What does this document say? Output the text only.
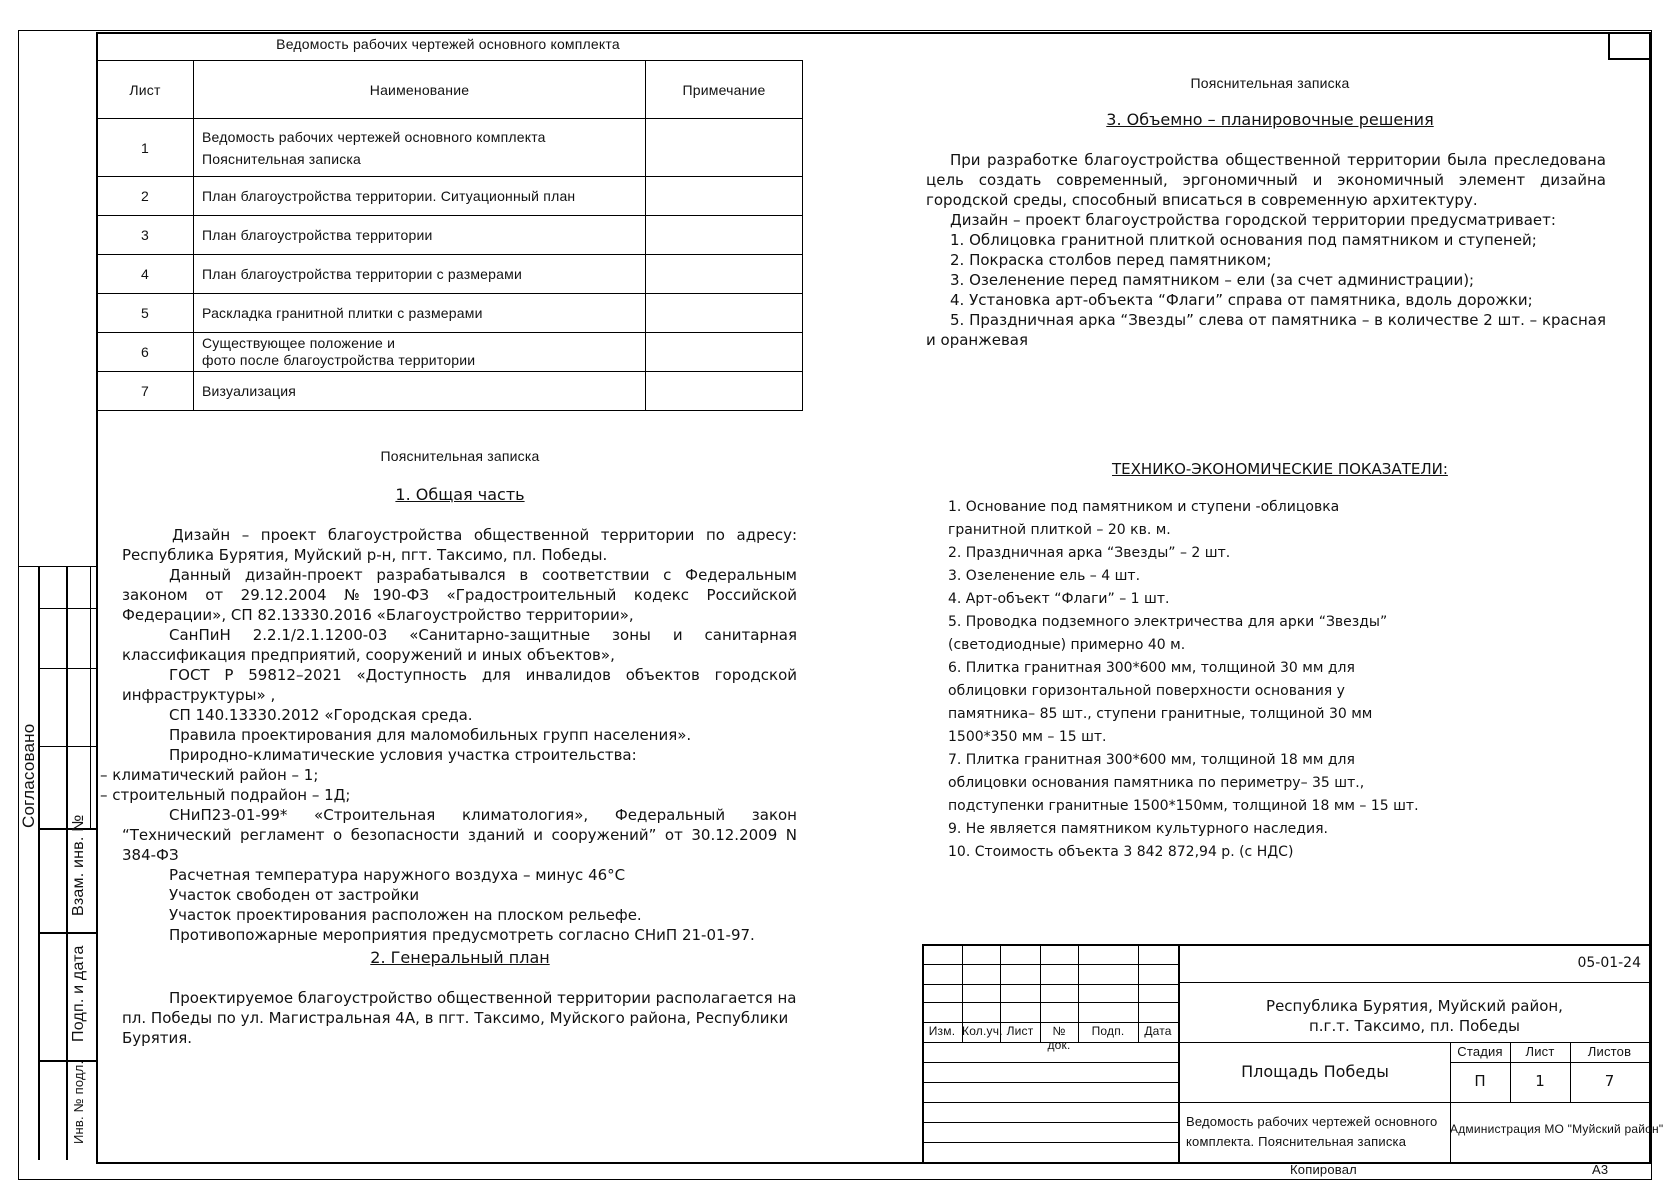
Согласовано
Взам. инв. №
Подп. и дата
Инв. № подл.
Ведомость рабочих чертежей основного комплекта
Лист	Наименование	Примечание
1	Ведомость рабочих чертежей основного комплекта
Пояснительная записка	

2	План благоустройства территории. Ситуационный план	
3	План благоустройства территории	
4	План благоустройства территории с размерами	
5	Раскладка гранитной плитки с размерами	
6	Существующее положение и
фото после благоустройства территории	

7	Визуализация	
Пояснительная записка
1. Общая часть

Дизайн – проект благоустройства общественной территории по адресу: Республика Бурятия, Муйский р-н, пгт. Таксимо, пл. Победы.

Данный дизайн-проект разрабатывался в соответствии с Федеральным законом от 29.12.2004 №190-ФЗ «Градостроительный кодекс Российской Федерации», СП 82.13330.2016 «Благоустройство территории»,

СанПиН 2.2.1/2.1.1200-03 «Санитарно-защитные зоны и санитарная классификация предприятий, сооружений и иных объектов»,

ГОСТ Р 59812–2021 «Доступность для инвалидов объектов городской инфраструктуры» ,

СП 140.13330.2012 «Городская среда.

Правила проектирования для маломобильных групп населения».

Природно-климатические условия участка строительства:

– климатический район – 1;

– строительный подрайон – 1Д;

СНиП23-01-99* «Строительная климатология», Федеральный закон “Технический регламент о безопасности зданий и сооружений” от 30.12.2009 N 384-ФЗ

Расчетная температура наружного воздуха – минус 46°С

Участок свободен от застройки

Участок проектирования расположен на плоском рельефе.

Противопожарные мероприятия предусмотреть согласно СНиП 21-01-97.

2. Генеральный план

Проектируемое благоустройство общественной территории располагается на пл. Победы по ул. Магистральная 4А, в пгт. Таксимо, Муйского района, Республики Бурятия.

Пояснительная записка
3. Объемно – планировочные решения

При разработке благоустройства общественной территории была преследована цель создать современный, эргономичный и экономичный элемент дизайна городской среды, способный вписаться в современную архитектуру.

Дизайн – проект благоустройства городской территории предусматривает:

1. Облицовка гранитной плиткой основания под памятником и ступеней;

2. Покраска столбов перед памятником;

3. Озеленение перед памятником – ели (за счет администрации);

4. Установка арт-объекта “Флаги” справа от памятника, вдоль дорожки;

5. Праздничная арка “Звезды” слева от памятника – в количестве 2 шт. – красная и оранжевая

ТЕХНИКО-ЭКОНОМИЧЕСКИЕ ПОКАЗАТЕЛИ:
1. Основание под памятником и ступени -облицовка
гранитной плиткой – 20 кв. м.
2. Праздничная арка “Звезды” – 2 шт.
3. Озеленение ель – 4 шт.
4. Арт-объект “Флаги” – 1 шт.
5. Проводка подземного электричества для арки “Звезды”
(светодиодные) примерно 40 м.
6. Плитка гранитная 300*600 мм, толщиной 30 мм для
облицовки горизонтальной поверхности основания у
памятника– 85 шт., ступени гранитные, толщиной 30 мм
1500*350 мм – 15 шт.
7. Плитка гранитная 300*600 мм, толщиной 18 мм для
облицовки основания памятника по периметру– 35 шт.,
подступенки гранитные 1500*150мм, толщиной 18 мм – 15 шт.
9. Не является памятником культурного наследия.
10. Стоимость объекта 3 842 872,94 р. (с НДС)
Изм. Кол.уч. Лист	№ док.
Подп.	Дата
05-01-24
Республика Бурятия, Муйский район,
п.г.т. Таксимо, пл. Победы
Площадь Победы
Стадия	Лист	Листов
П	1	7
Ведомость рабочих чертежей основного
комплекта. Пояснительная записка
Администрация МО "Муйский район"
Копировал	А3
